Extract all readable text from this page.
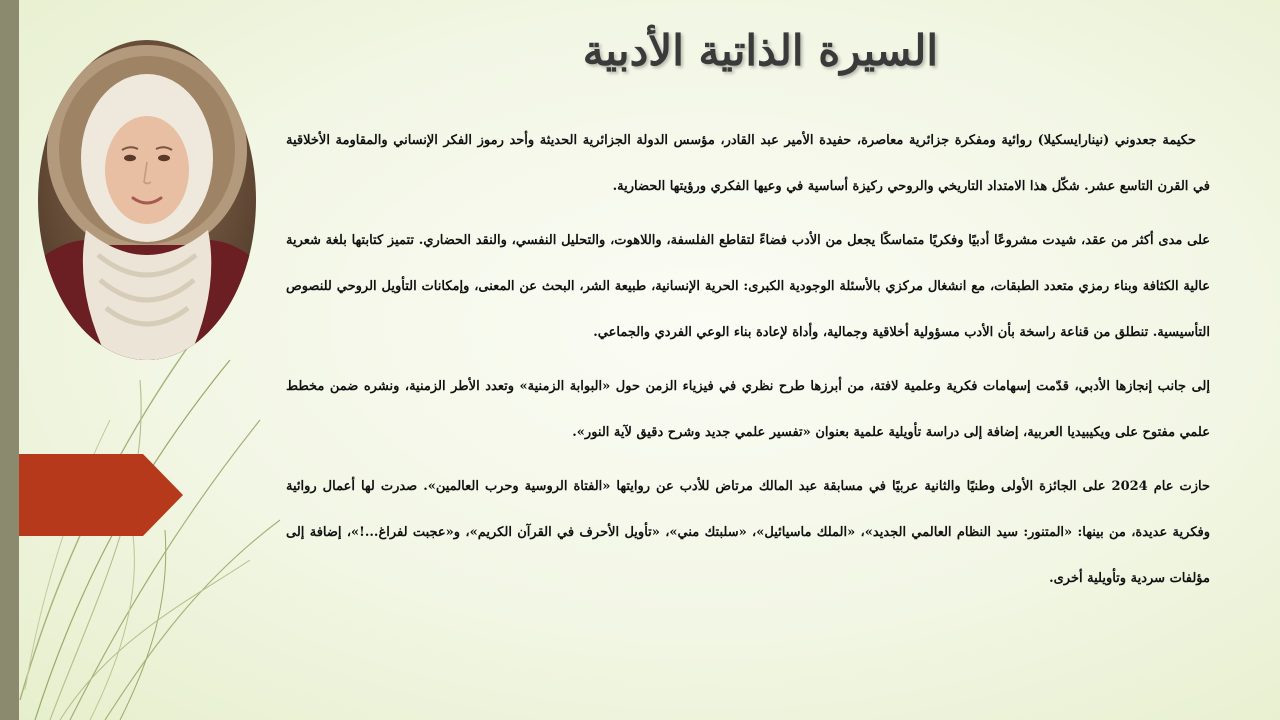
السيرة الذاتية الأدبية

حكيمة جعدوني (نينارايسكيلا) روائية ومفكرة جزائرية معاصرة، حفيدة الأمير عبد القادر، مؤسس الدولة الجزائرية الحديثة وأحد رموز الفكر الإنساني والمقاومة الأخلاقية في القرن التاسع عشر. شكّل هذا الامتداد التاريخي والروحي ركيزة أساسية في وعيها الفكري ورؤيتها الحضارية.

على مدى أكثر من عقد، شيدت مشروعًا أدبيًا وفكريًا متماسكًا يجعل من الأدب فضاءً لتقاطع الفلسفة، واللاهوت، والتحليل النفسي، والنقد الحضاري. تتميز كتابتها بلغة شعرية عالية الكثافة وبناء رمزي متعدد الطبقات، مع انشغال مركزي بالأسئلة الوجودية الكبرى: الحرية الإنسانية، طبيعة الشر، البحث عن المعنى، وإمكانات التأويل الروحي للنصوص التأسيسية. تنطلق من قناعة راسخة بأن الأدب مسؤولية أخلاقية وجمالية، وأداة لإعادة بناء الوعي الفردي والجماعي.

إلى جانب إنجازها الأدبي، قدّمت إسهامات فكرية وعلمية لافتة، من أبرزها طرح نظري في فيزياء الزمن حول «البوابة الزمنية» وتعدد الأطر الزمنية، ونشره ضمن مخطط علمي مفتوح على ويكيبيديا العربية، إضافة إلى دراسة تأويلية علمية بعنوان «تفسير علمي جديد وشرح دقيق لآية النور».

حازت عام 2024 على الجائزة الأولى وطنيًا والثانية عربيًا في مسابقة عبد المالك مرتاض للأدب عن روايتها «الفتاة الروسية وحرب العالمين». صدرت لها أعمال روائية وفكرية عديدة، من بينها: «المتنور: سيد النظام العالمي الجديد»، «الملك ماسيائيل»، «سلبتك مني»، «تأويل الأحرف في القرآن الكريم»، و«عجبت لفراغ...!»، إضافة إلى مؤلفات سردية وتأويلية أخرى.
